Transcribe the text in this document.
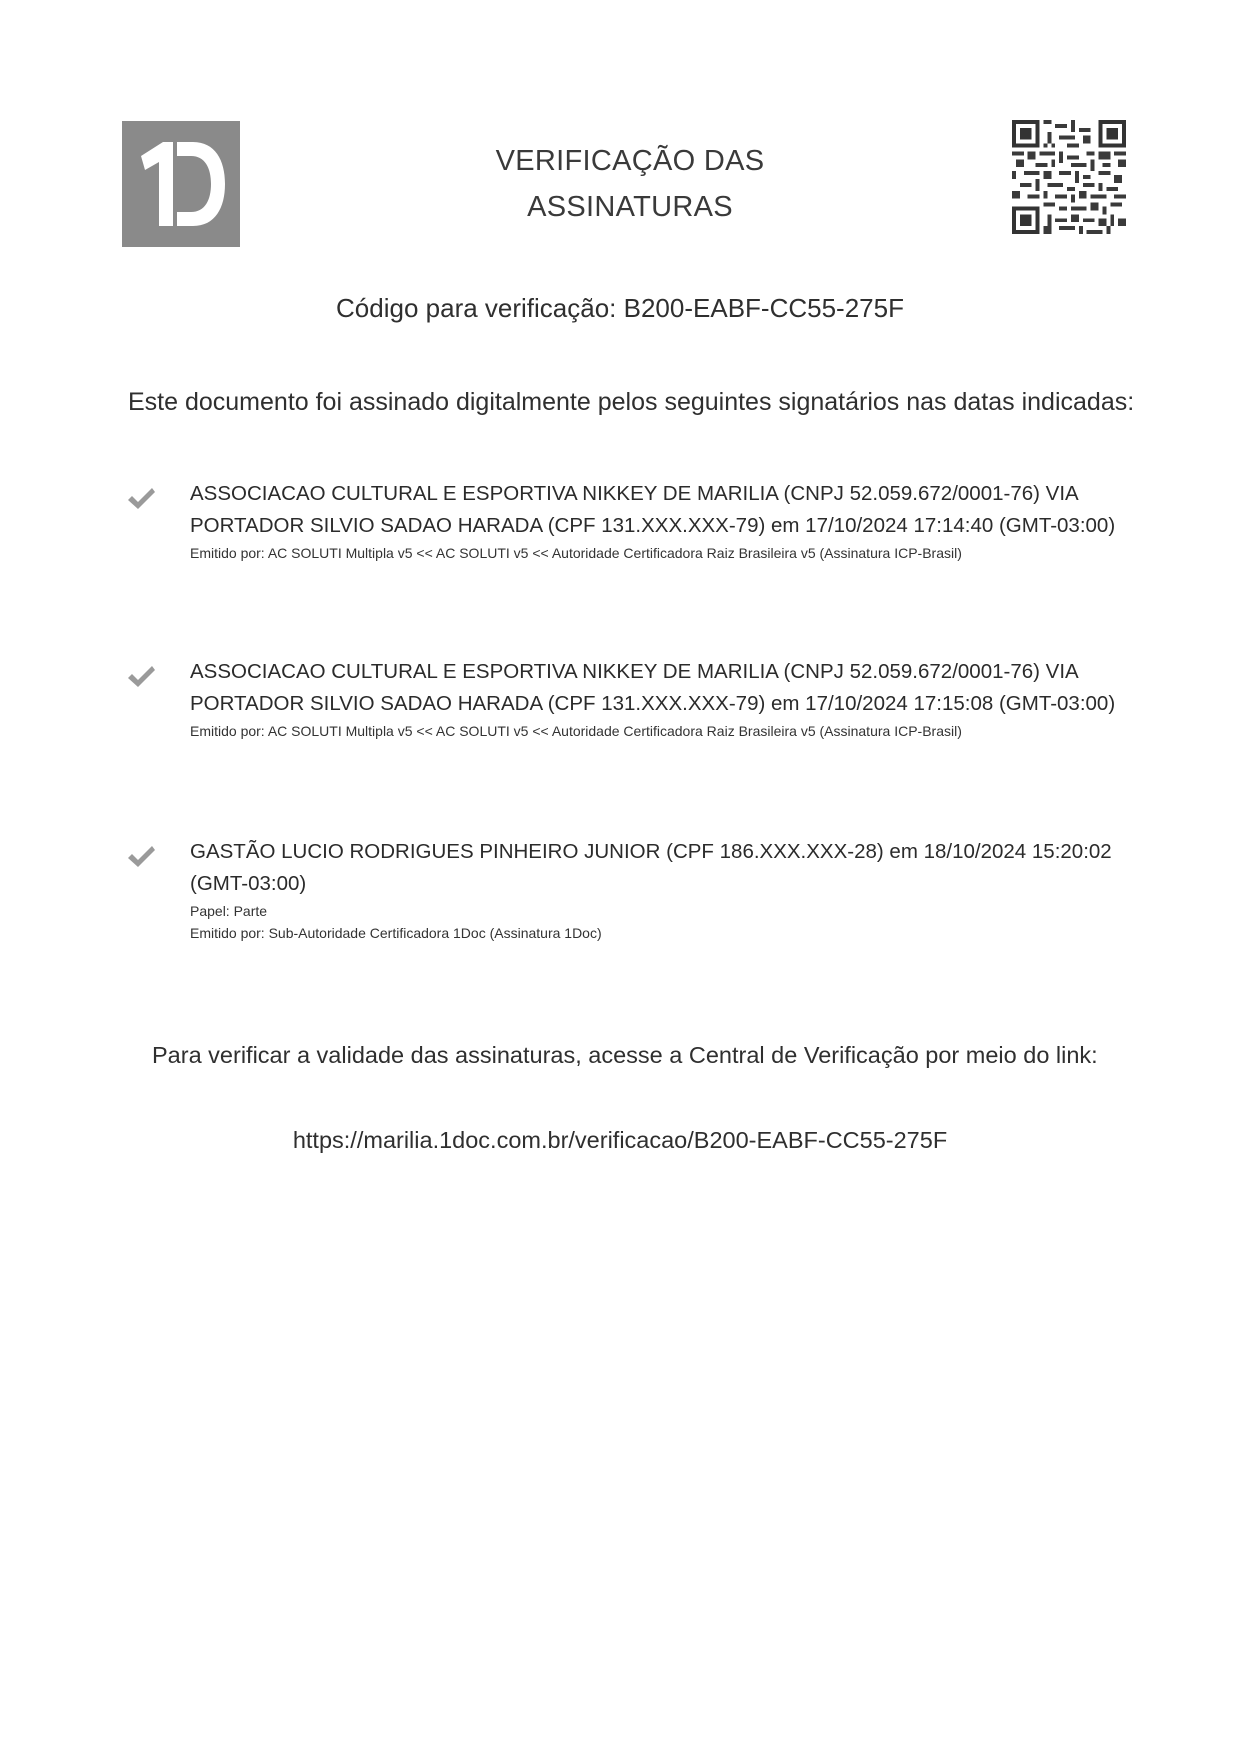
VERIFICAÇÃO DAS
ASSINATURAS
Código para verificação: B200-EABF-CC55-275F
Este documento foi assinado digitalmente pelos seguintes signatários nas datas indicadas:
ASSOCIACAO CULTURAL E ESPORTIVA NIKKEY DE MARILIA (CNPJ 52.059.672/0001-76) VIA
PORTADOR SILVIO SADAO HARADA (CPF 131.XXX.XXX-79) em 17/10/2024 17:14:40 (GMT-03:00)
Emitido por: AC SOLUTI Multipla v5 << AC SOLUTI v5 << Autoridade Certificadora Raiz Brasileira v5 (Assinatura ICP-Brasil)
ASSOCIACAO CULTURAL E ESPORTIVA NIKKEY DE MARILIA (CNPJ 52.059.672/0001-76) VIA
PORTADOR SILVIO SADAO HARADA (CPF 131.XXX.XXX-79) em 17/10/2024 17:15:08 (GMT-03:00)
Emitido por: AC SOLUTI Multipla v5 << AC SOLUTI v5 << Autoridade Certificadora Raiz Brasileira v5 (Assinatura ICP-Brasil)
GASTÃO LUCIO RODRIGUES PINHEIRO JUNIOR (CPF 186.XXX.XXX-28) em 18/10/2024 15:20:02
(GMT-03:00)
Papel: Parte
Emitido por: Sub-Autoridade Certificadora 1Doc (Assinatura 1Doc)
Para verificar a validade das assinaturas, acesse a Central de Verificação por meio do link:
https://marilia.1doc.com.br/verificacao/B200-EABF-CC55-275F
